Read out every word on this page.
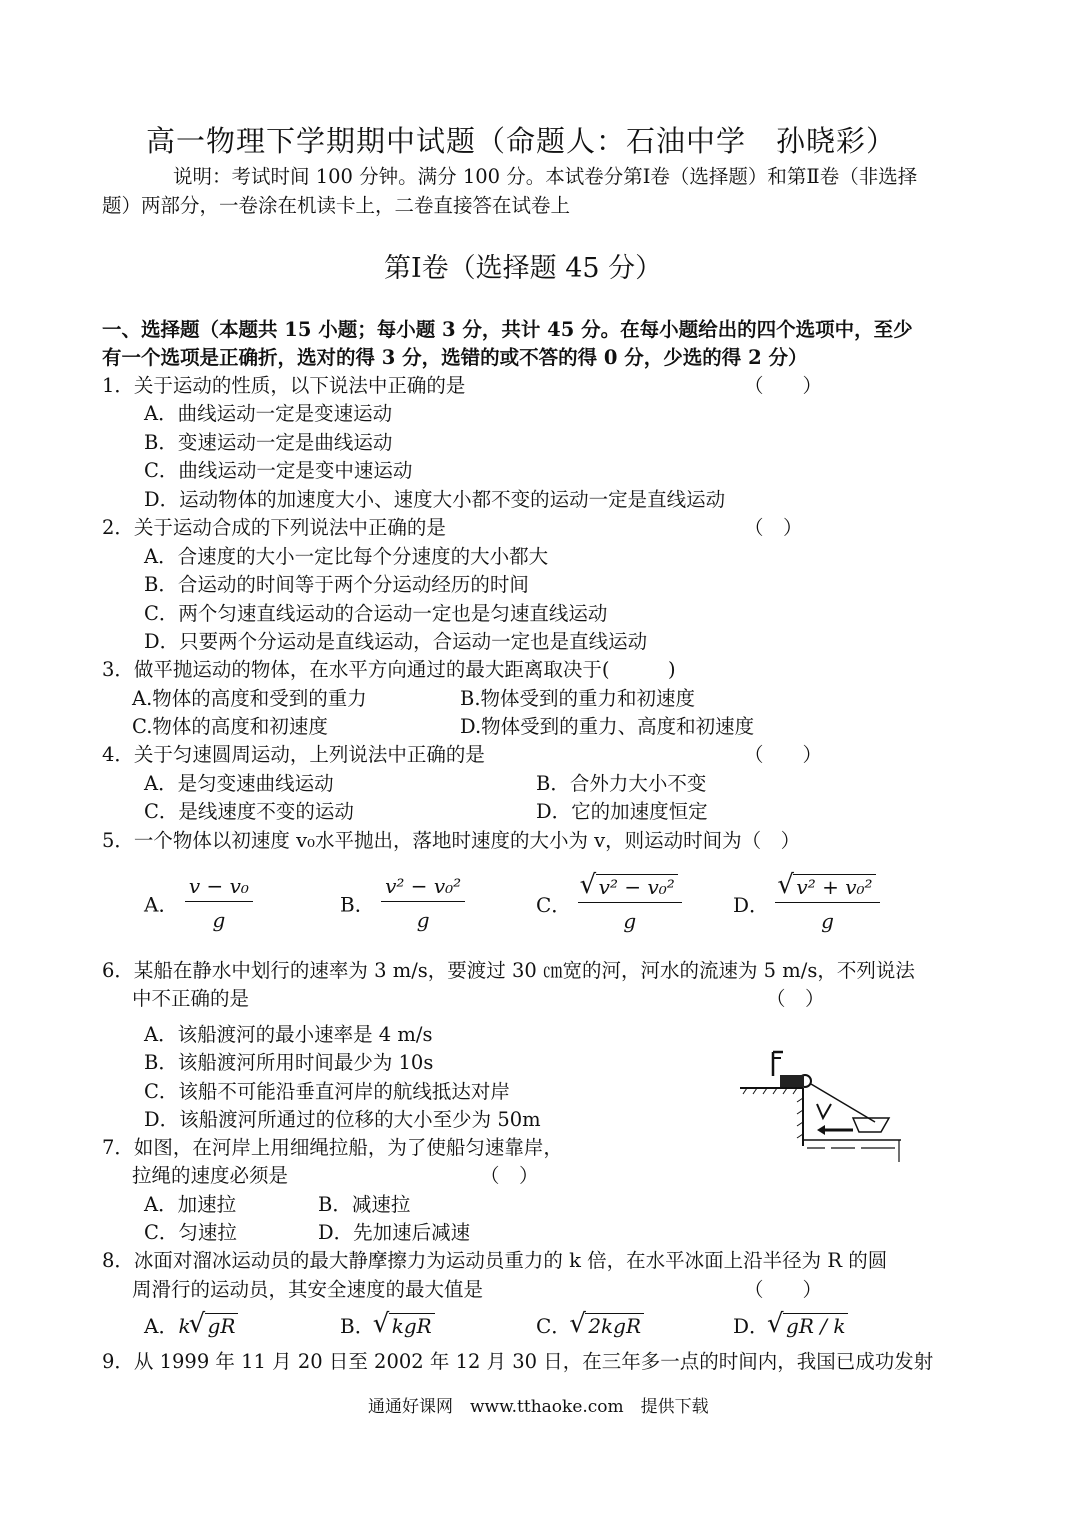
高一物理下学期期中试题（命题人：石油中学　孙晓彩）
说明：考试时间 100 分钟。满分 100 分。本试卷分第Ⅰ卷（选择题）和第Ⅱ卷（非选择
题）两部分，一卷涂在机读卡上，二卷直接答在试卷上
第Ⅰ卷（选择题 45 分）
一、选择题（本题共 15 小题；每小题 3 分，共计 45 分。在每小题给出的四个选项中，至少
有一个选项是正确折，选对的得 3 分，选错的或不答的得 0 分，少选的得 2 分）
1．关于运动的性质，以下说法中正确的是	（　　）
A．曲线运动一定是变速运动
B．变速运动一定是曲线运动
C．曲线运动一定是变中速运动
D．运动物体的加速度大小、速度大小都不变的运动一定是直线运动
2．关于运动合成的下列说法中正确的是	（　）
A．合速度的大小一定比每个分速度的大小都大
B．合运动的时间等于两个分运动经历的时间
C．两个匀速直线运动的合运动一定也是匀速直线运动
D．只要两个分运动是直线运动，合运动一定也是直线运动
3．做平抛运动的物体，在水平方向通过的最大距离取决于(　　　)
A.物体的高度和受到的重力	B.物体受到的重力和初速度
C.物体的高度和初速度	D.物体受到的重力、高度和初速度
4．关于匀速圆周运动，上列说法中正确的是	（　　）
A．是匀变速曲线运动	B．合外力大小不变
C．是线速度不变的运动	D．它的加速度恒定
5．一个物体以初速度 v₀水平抛出，落地时速度的大小为 v，则运动时间为（　）
A． $\frac{\text{v − v₀}}{g}$	B． $\frac{\text{v² − v₀²}}{g}$	C． √ $\frac{\text{v² − v₀²}}{g}$	D． √ $\frac{\text{v² + v₀²}}{g}$
6．某船在静水中划行的速率为 3 m/s，要渡过 30 ㎝宽的河，河水的流速为 5 m/s，不列说法
中不正确的是	（　）
A．该船渡河的最小速率是 4 m/s
B．该船渡河所用时间最少为 10s
C．该船不可能沿垂直河岸的航线抵达对岸
D．该船渡河所通过的位移的大小至少为 50m
7．如图，在河岸上用细绳拉船，为了使船匀速靠岸，
拉绳的速度必须是	（　）
A．加速拉	B．减速拉
C．匀速拉	D．先加速后减速
8．冰面对溜冰运动员的最大静摩擦力为运动员重力的 k 倍，在水平冰面上沿半径为 R 的圆
周滑行的运动员，其安全速度的最大值是	（　　）
A．k √ gR	B． √ kgR	C． √ 2kgR	D． √ gR / k
9．从 1999 年 11 月 20 日至 2002 年 12 月 30 日，在三年多一点的时间内，我国已成功发射
通通好课网　www.tthaoke.com　提供下载
